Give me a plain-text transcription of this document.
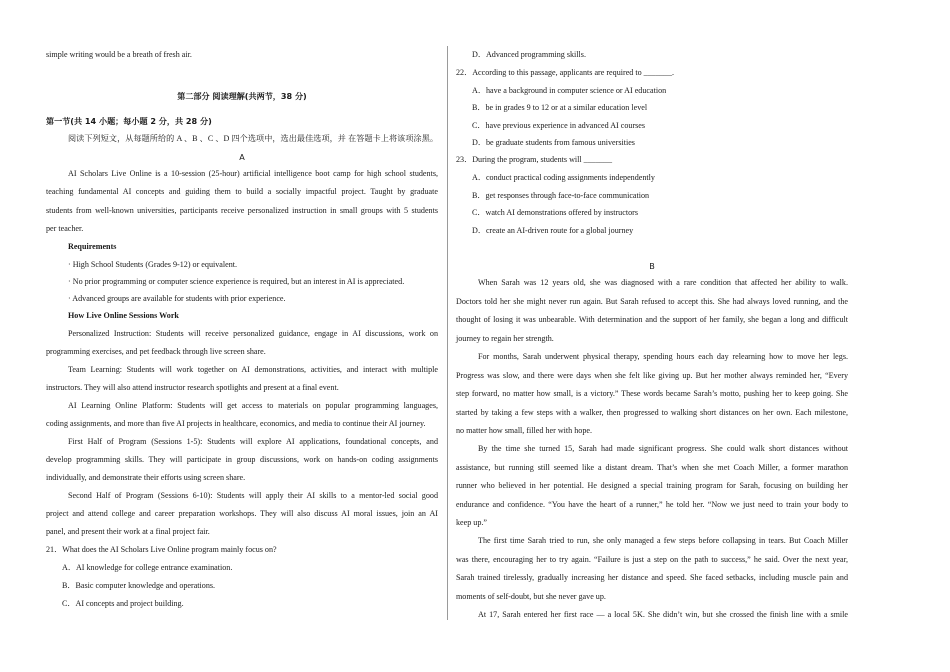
simple writing would be a breath of fresh air.
第二部分 阅读理解(共两节，38 分)
第一节(共 14 小题；每小题 2 分，共 28 分)
阅读下列短文，从每题所给的 A 、B 、C 、D 四个选项中，选出最佳选项，并 在答题卡上将该项涂黑。
A
AI Scholars Live Online is a 10-session (25-hour) artificial intelligence boot camp for high school students,
teaching fundamental AI concepts and guiding them to build a socially impactful project. Taught by graduate
students from well-known universities, participants receive personalized instruction in small groups with 5 students
per teacher.
Requirements
· High School Students (Grades 9-12) or equivalent.
· No prior programming or computer science experience is required, but an interest in AI is appreciated.
· Advanced groups are available for students with prior experience.
How Live Online Sessions Work
Personalized Instruction: Students will receive personalized guidance, engage in AI discussions, work on
programming exercises, and pet feedback through live screen share.
Team Learning: Students will work together on AI demonstrations, activities, and interact with multiple
instructors. They will also attend instructor research spotlights and present at a final event.
AI Learning Online Platform: Students will get access to materials on popular programming languages,
coding assignments, and more than five AI projects in healthcare, economics, and media to continue their AI journey.
First Half of Program (Sessions 1-5): Students will explore AI applications, foundational concepts, and
develop programming skills. They will participate in group discussions, work on hands-on coding assignments
individually, and demonstrate their efforts using screen share.
Second Half of Program (Sessions 6-10): Students will apply their AI skills to a mentor-led social good
project and attend college and career preparation workshops. They will also discuss AI moral issues, join an AI
panel, and present their work at a final project fair.
21．What does the AI Scholars Live Online program mainly focus on?
A．AI knowledge for college entrance examination.
B．Basic computer knowledge and operations.
C．AI concepts and project building.
D．Advanced programming skills.
22．According to this passage, applicants are required to _______.
A．have a background in computer science or AI education
B．be in grades 9 to 12 or at a similar education level
C．have previous experience in advanced AI courses
D．be graduate students from famous universities
23．During the program, students will _______
A．conduct practical coding assignments independently
B．get responses through face-to-face communication
C．watch AI demonstrations offered by instructors
D．create an AI-driven route for a global journey
B
When Sarah was 12 years old, she was diagnosed with a rare condition that affected her ability to walk.
Doctors told her she might never run again. But Sarah refused to accept this. She had always loved running, and the
thought of losing it was unbearable. With determination and the support of her family, she began a long and difficult
journey to regain her strength.
For months, Sarah underwent physical therapy, spending hours each day relearning how to move her legs.
Progress was slow, and there were days when she felt like giving up. But her mother always reminded her, “Every
step forward, no matter how small, is a victory.” These words became Sarah’s motto, pushing her to keep going. She
started by taking a few steps with a walker, then progressed to walking short distances on her own. Each milestone,
no matter how small, filled her with hope.
By the time she turned 15, Sarah had made significant progress. She could walk short distances without
assistance, but running still seemed like a distant dream. That’s when she met Coach Miller, a former marathon
runner who believed in her potential. He designed a special training program for Sarah, focusing on building her
endurance and confidence. “You have the heart of a runner,” he told her. “Now we just need to train your body to
keep up.”
The first time Sarah tried to run, she only managed a few steps before collapsing in tears. But Coach Miller
was there, encouraging her to try again. “Failure is just a step on the path to success,” he said. Over the next year,
Sarah trained tirelessly, gradually increasing her distance and speed. She faced setbacks, including muscle pain and
moments of self-doubt, but she never gave up.
At 17, Sarah entered her first race — a local 5K. She didn’t win, but she crossed the finish line with a smile
